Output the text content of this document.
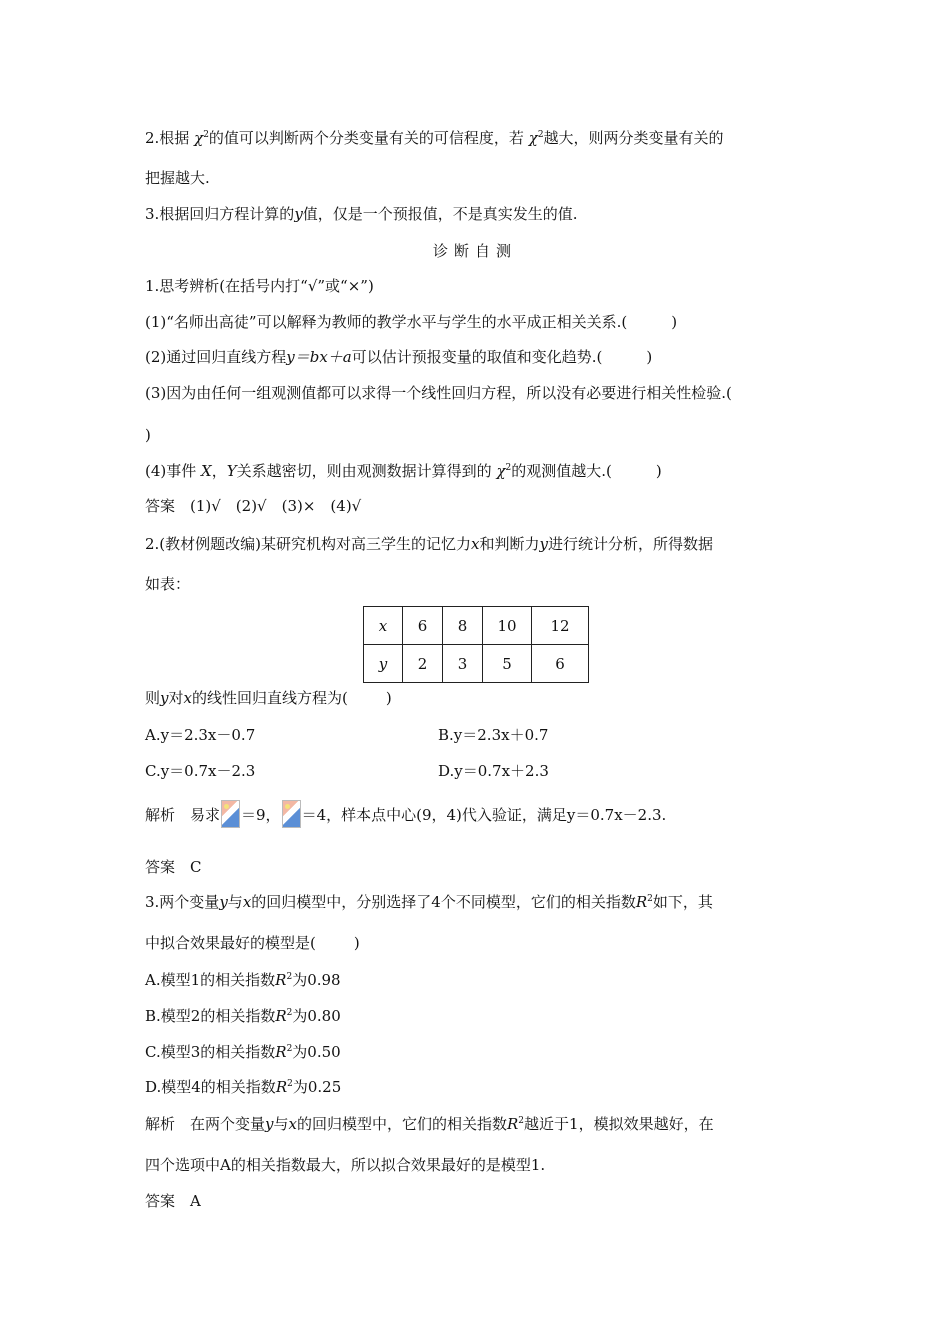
2.根据 $\chi^2$的值可以判断两个分类变量有关的可信程度，若 $\chi^2$越大，则两分类变量有关的
把握越大.
3.根据回归方程计算的y值，仅是一个预报值，不是真实发生的值.
诊断自测
1.思考辨析(在括号内打“√”或“×”)
(1)“名师出高徒”可以解释为教师的教学水平与学生的水平成正相关关系.(	)
(2)通过回归直线方程y＝bx＋a可以估计预报变量的取值和变化趋势.(	)
(3)因为由任何一组观测值都可以求得一个线性回归方程，所以没有必要进行相关性检验.(
)
(4)事件 X，Y关系越密切，则由观测数据计算得到的 $\chi^2$的观测值越大.(	)
答案　(1)√　(2)√　(3)×　(4)√
2.(教材例题改编)某研究机构对高三学生的记忆力x和判断力y进行统计分析，所得数据
如表：
x	6	8	10	12
y	2	3	5	6
则y对x的线性回归直线方程为(	)
A.y＝2.3x－0.7	B.y＝2.3x＋0.7
C.y＝0.7x－2.3	D.y＝0.7x＋2.3
解析　易求 ＝9， ＝4，样本点中心(9，4)代入验证，满足y＝0.7x－2.3.
答案　C
3.两个变量y与x的回归模型中，分别选择了4个不同模型，它们的相关指数$R^2$如下，其
中拟合效果最好的模型是(	)
A.模型1的相关指数$R^2$为0.98
B.模型2的相关指数$R^2$为0.80
C.模型3的相关指数$R^2$为0.50
D.模型4的相关指数$R^2$为0.25
解析　在两个变量y与x的回归模型中，它们的相关指数$R^2$越近于1，模拟效果越好，在
四个选项中A的相关指数最大，所以拟合效果最好的是模型1.
答案　A
